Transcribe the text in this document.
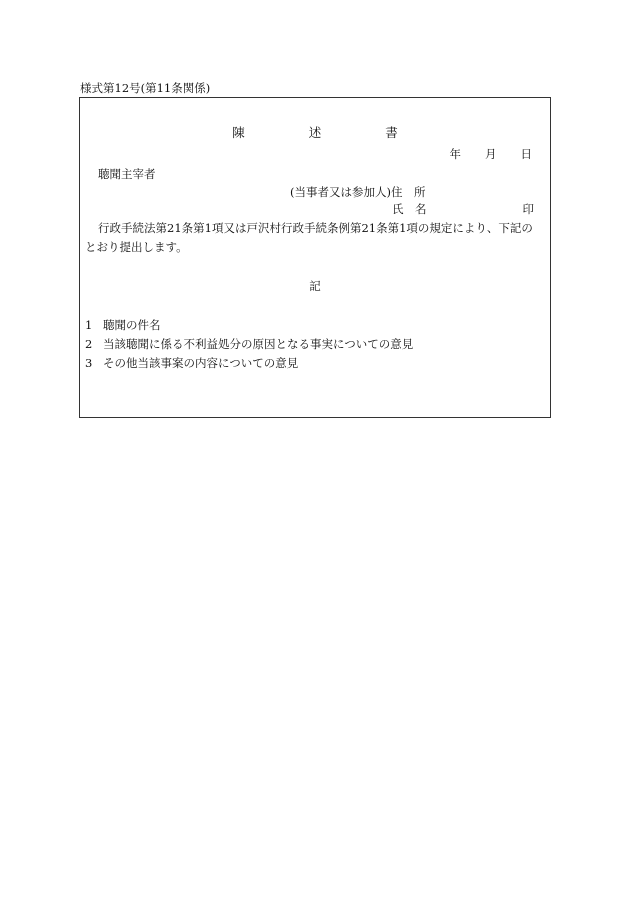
様式第12号(第11条関係)
陳	述	書
年 月 日
聴聞主宰者
(当事者又は参加人)住　所
氏　名	印
行政手続法第21条第1項又は戸沢村行政手続条例第21条第1項の規定により、下記のとおり提出します。
記
1 聴聞の件名
2 当該聴聞に係る不利益処分の原因となる事実についての意見
3 その他当該事案の内容についての意見
